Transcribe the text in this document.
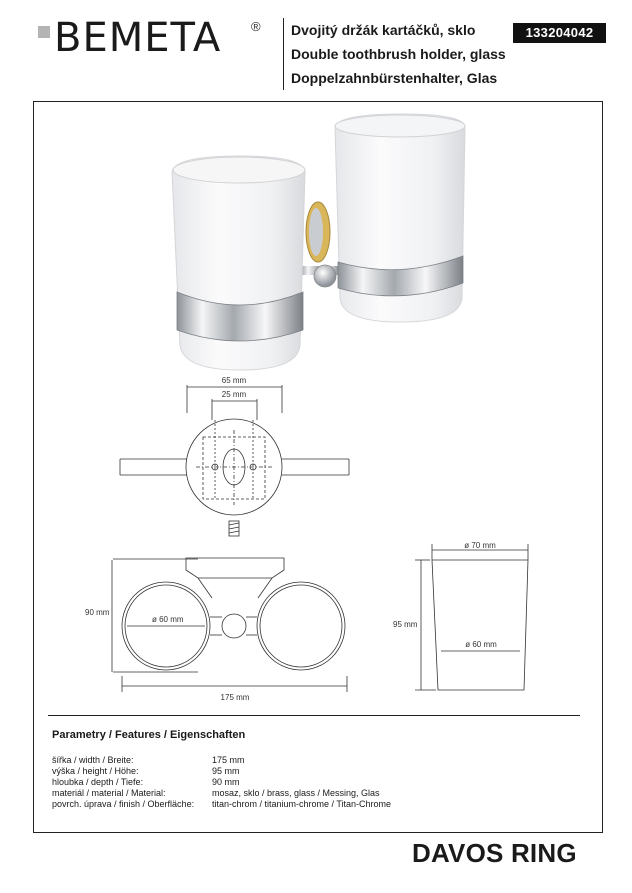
BEMETA ® Dvojitý držák kartáčků, sklo
Double toothbrush holder, glass
Doppelzahnbürstenhalter, Glas
133204042
65 mm
25 mm
90 mm
ø 60 mm
175 mm
ø 70 mm
95 mm
ø 60 mm
Parametry / Features / Eigenschaften
šířka / width / Breite:	175 mm
výška / height / Höhe:	95 mm
hloubka / depth / Tiefe:	90 mm
materiál / material / Material:	mosaz, sklo / brass, glass / Messing, Glas
povrch. úprava / finish / Oberfläche: titan-chrom / titanium-chrome / Titan-Chrome
DAVOS RING
